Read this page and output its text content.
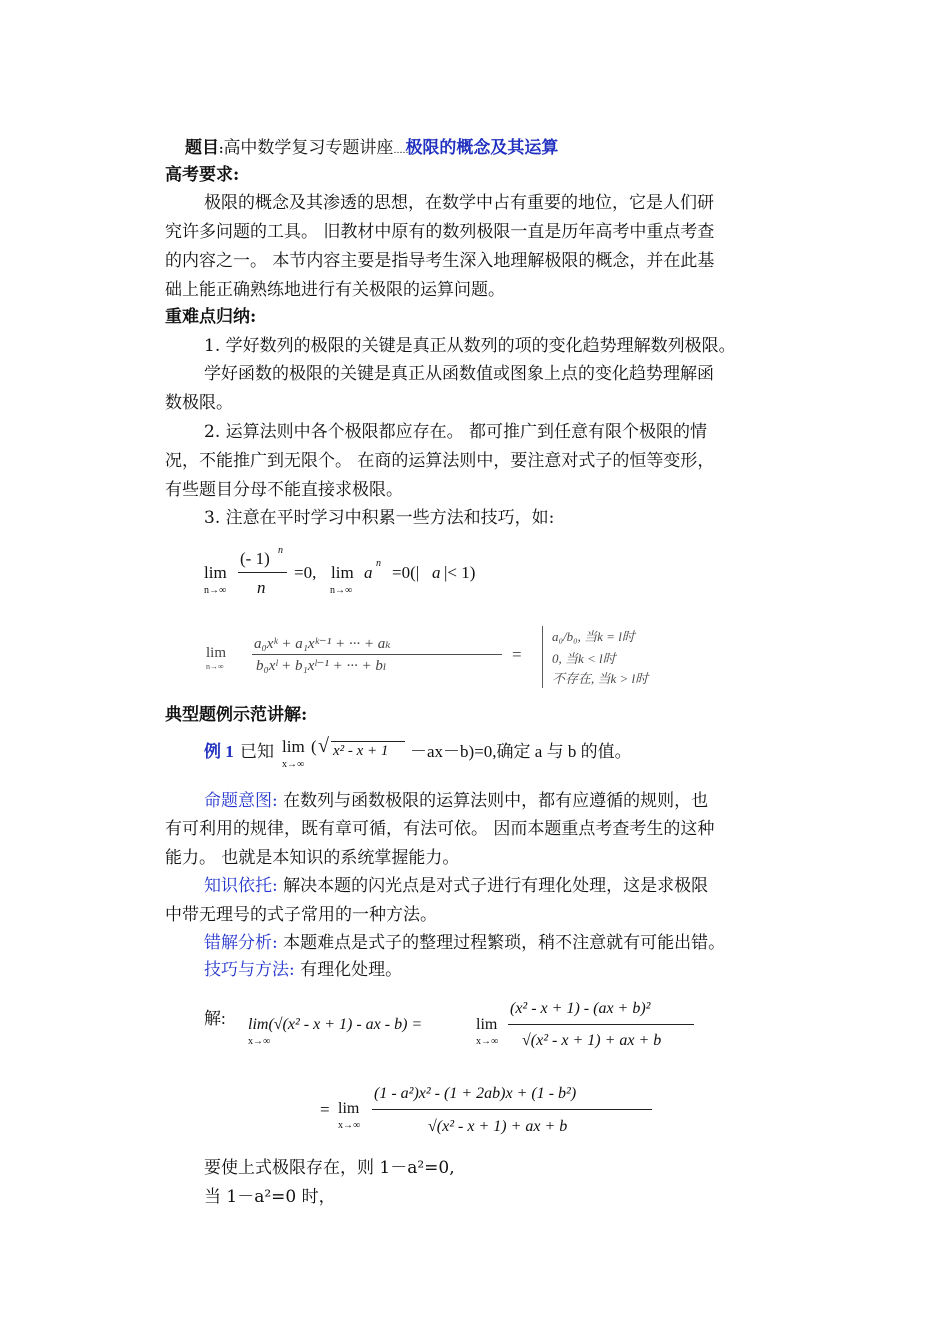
题目:高中数学复习专题讲座……极限的概念及其运算
高考要求:
极限的概念及其渗透的思想，在数学中占有重要的地位，它是人们研
究许多问题的工具。 旧教材中原有的数列极限一直是历年高考中重点考查
的内容之一。 本节内容主要是指导考生深入地理解极限的概念，并在此基
础上能正确熟练地进行有关极限的运算问题。
重难点归纳:
1. 学好数列的极限的关键是真正从数列的项的变化趋势理解数列极限。
学好函数的极限的关键是真正从函数值或图象上点的变化趋势理解函
数极限。
2. 运算法则中各个极限都应存在。 都可推广到任意有限个极限的情
况，不能推广到无限个。 在商的运算法则中，要注意对式子的恒等变形，
有些题目分母不能直接求极限。
3. 注意在平时学习中积累一些方法和技巧，如:
lim
n→∞
(- 1) n
n
=0, lim
n→∞
a n =0(| a |< 1)
lim
n→∞
a₀xᵏ + a₁xᵏ⁻¹ + ··· + aₖ
b₀xˡ + b₁xˡ⁻¹ + ··· + bₗ
=
a₀/b₀, 当k = l时
0, 当k < l时
不存在, 当k > l时
典型题例示范讲解:
例 1 已知 lim
x→∞
( √ x² - x + 1 －ax－b)=0,确定 a 与 b 的值。
命题意图: 在数列与函数极限的运算法则中，都有应遵循的规则，也
有可利用的规律，既有章可循，有法可依。 因而本题重点考查考生的这种
能力。 也就是本知识的系统掌握能力。
知识依托: 解决本题的闪光点是对式子进行有理化处理，这是求极限
中带无理号的式子常用的一种方法。
错解分析: 本题难点是式子的整理过程繁琐，稍不注意就有可能出错。
技巧与方法: 有理化处理。
解: lim(√(x² - x + 1) - ax - b) =
x→∞
lim
x→∞
(x² - x + 1) - (ax + b)²
√(x² - x + 1) + ax + b
= lim
x→∞
(1 - a²)x² - (1 + 2ab)x + (1 - b²)
√(x² - x + 1) + ax + b
要使上式极限存在，则 1－a²=0,
当 1－a²=0 时，
